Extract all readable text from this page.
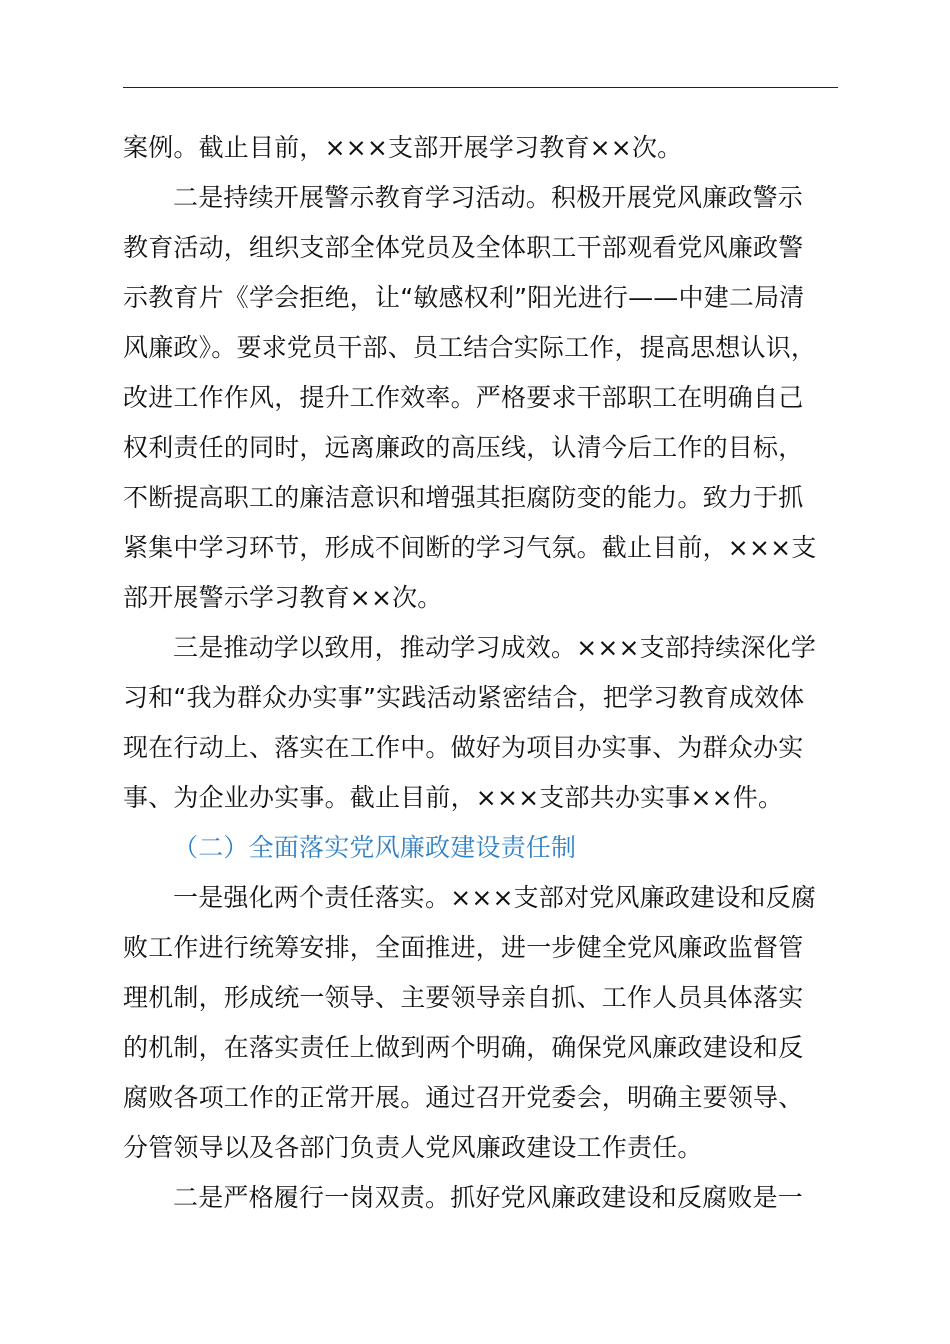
案例。截止目前，×××支部开展学习教育××次。
二是持续开展警示教育学习活动。积极开展党风廉政警示
教育活动，组织支部全体党员及全体职工干部观看党风廉政警
示教育片《学会拒绝，让“敏感权利”阳光进行——中建二局清
风廉政》。要求党员干部、员工结合实际工作，提高思想认识，
改进工作作风，提升工作效率。严格要求干部职工在明确自己
权利责任的同时，远离廉政的高压线，认清今后工作的目标，
不断提高职工的廉洁意识和增强其拒腐防变的能力。致力于抓
紧集中学习环节，形成不间断的学习气氛。截止目前，×××支
部开展警示学习教育××次。
三是推动学以致用，推动学习成效。×××支部持续深化学
习和“我为群众办实事”实践活动紧密结合，把学习教育成效体
现在行动上、落实在工作中。做好为项目办实事、为群众办实
事、为企业办实事。截止目前，×××支部共办实事××件。
（二）全面落实党风廉政建设责任制
一是强化两个责任落实。×××支部对党风廉政建设和反腐
败工作进行统筹安排，全面推进，进一步健全党风廉政监督管
理机制，形成统一领导、主要领导亲自抓、工作人员具体落实
的机制，在落实责任上做到两个明确，确保党风廉政建设和反
腐败各项工作的正常开展。通过召开党委会，明确主要领导、
分管领导以及各部门负责人党风廉政建设工作责任。
二是严格履行一岗双责。抓好党风廉政建设和反腐败是一
